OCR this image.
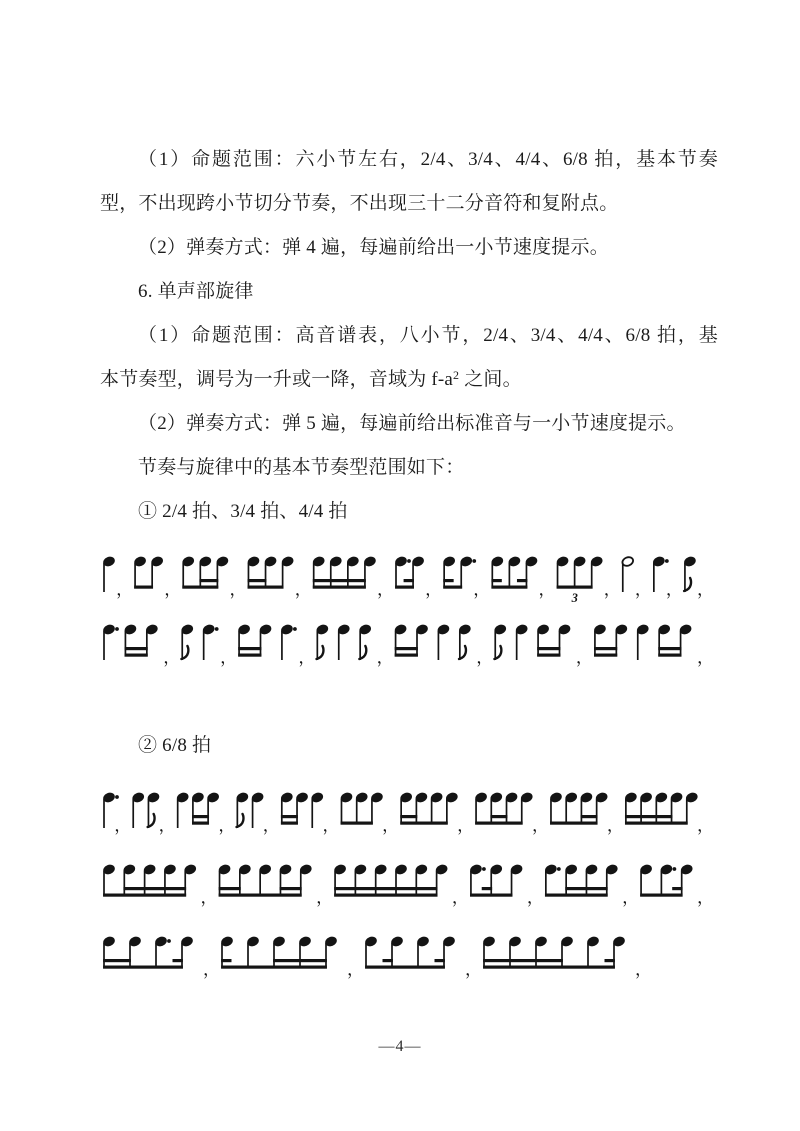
（1）命题范围：六小节左右，2/4、3/4、4/4、6/8 拍，基本节奏

型，不出现跨小节切分节奏，不出现三十二分音符和复附点。

（2）弹奏方式：弹 4 遍，每遍前给出一小节速度提示。

6. 单声部旋律

（1）命题范围：高音谱表，八小节，2/4、3/4、4/4、6/8 拍，基

本节奏型，调号为一升或一降，音域为 $f-a^2$ 之间。

（2）弹奏方式：弹 5 遍，每遍前给出标准音与一小节速度提示。

节奏与旋律中的基本节奏型范围如下：

① 2/4 拍、3/4 拍、4/4 拍

， ，	，	，	， ， ，	， 3 ， ， ， ，
， ，	，	，	，	，	，

② 6/8 拍

， ， ， ， ， ，	，	，	，	，
，	，	，	，	，	，
，	，	，	，
—4—
